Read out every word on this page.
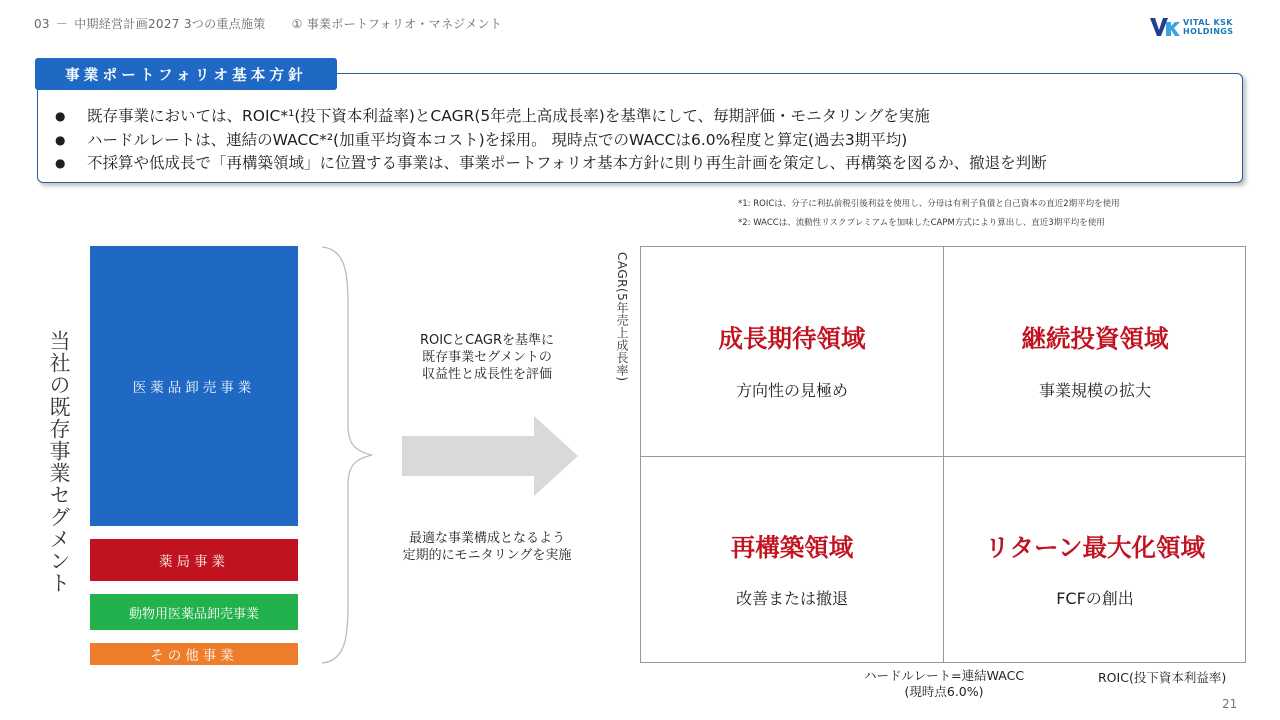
03 － 中期経営計画2027 3つの重点施策 ① 事業ポートフォリオ・マネジメント	VITAL KSK
HOLDINGS
事業ポートフォリオ基本方針
● 既存事業においては、ROIC*¹(投下資本利益率)とCAGR(5年売上高成長率)を基準にして、毎期評価・モニタリングを実施
● ハードルレートは、連結のWACC*²(加重平均資本コスト)を採用。 現時点でのWACCは6.0%程度と算定(過去3期平均)
● 不採算や低成長で「再構築領域」に位置する事業は、事業ポートフォリオ基本方針に則り再生計画を策定し、再構築を図るか、撤退を判断
*1: ROICは、分子に利払前税引後利益を使用し、分母は有利子負債と自己資本の直近2期平均を使用
*2: WACCは、流動性リスクプレミアムを加味したCAPM方式により算出し、直近3期平均を使用
当社の既存事業セグメント	医薬品卸売事業
薬局事業
動物用医薬品卸売事業
その他事業
ROICとCAGRを基準に
既存事業セグメントの
収益性と成長性を評価
最適な事業構成となるよう
定期的にモニタリングを実施
CAGR(5年売上成長率)	成長期待領域
方向性の見極め
継続投資領域
事業規模の拡大
再構築領域
改善または撤退
リターン最大化領域
FCFの創出
ハードルレート=連結WACC
(現時点6.0%)
ROIC(投下資本利益率)
21
